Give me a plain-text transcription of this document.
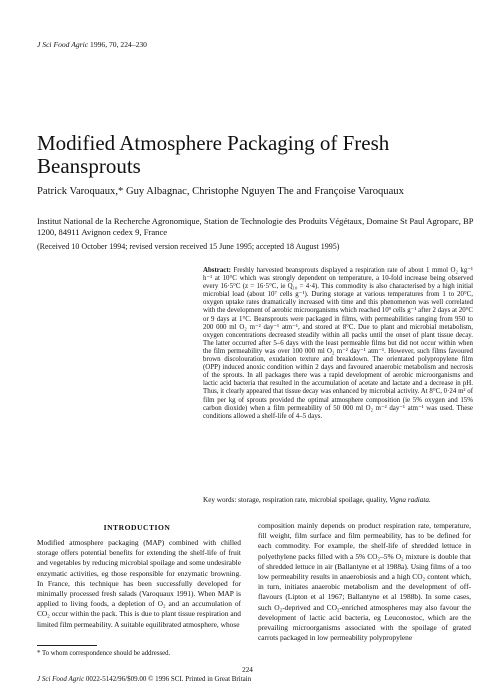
J Sci Food Agric 1996, 70, 224–230
Modified Atmosphere Packaging of Fresh Beansprouts
Patrick Varoquaux,* Guy Albagnac, Christophe Nguyen The and Françoise Varoquaux
Institut National de la Recherche Agronomique, Station de Technologie des Produits Végétaux, Domaine St Paul Agroparc, BP 1200, 84911 Avignon cedex 9, France
(Received 10 October 1994; revised version received 15 June 1995; accepted 18 August 1995)
Abstract: Freshly harvested beansprouts displayed a respiration rate of about 1 mmol O₂ kg⁻¹ h⁻¹ at 10°C which was strongly dependent on temperature, a 10-fold increase being observed every 16·5°C (z = 16·5°C, ie Q₁₀ = 4·4). This commodity is also characterised by a high initial microbial load (about 10⁷ cells g⁻¹). During storage at various temperatures from 1 to 20°C, oxygen uptake rates dramatically increased with time and this phenomenon was well correlated with the development of aerobic microorganisms which reached 10⁹ cells g⁻¹ after 2 days at 20°C or 9 days at 1°C. Beansprouts were packaged in films, with permeabilities ranging from 950 to 200 000 ml O₂ m⁻² day⁻¹ atm⁻¹, and stored at 8°C. Due to plant and microbial metabolism, oxygen concentrations decreased steadily within all packs until the onset of plant tissue decay. The latter occurred after 5–6 days with the least permeable films but did not occur within when the film permeability was over 100 000 ml O₂ m⁻² day⁻¹ atm⁻¹. However, such films favoured brown discolouration, exudation texture and breakdown. The orientated polypropylene film (OPP) induced anoxic condition within 2 days and favoured anaerobic metabolism and necrosis of the sprouts. In all packages there was a rapid development of aerobic microorganisms and lactic acid bacteria that resulted in the accumulation of acetate and lactate and a decrease in pH. Thus, it clearly appeared that tissue decay was enhanced by microbial activity. At 8°C, 0·24 m² of film per kg of sprouts provided the optimal atmosphere composition (ie 5% oxygen and 15% carbon dioxide) when a film permeability of 50 000 ml O₂ m⁻² day⁻¹ atm⁻¹ was used. These conditions allowed a shelf-life of 4–5 days.
Key words: storage, respiration rate, microbial spoilage, quality, Vigna radiata.
INTRODUCTION
Modified atmosphere packaging (MAP) combined with chilled storage offers potential benefits for extending the shelf-life of fruit and vegetables by reducing microbial spoilage and some undesirable enzymatic activities, eg those responsible for enzymatic browning. In France, this technique has been successfully developed for minimally processed fresh salads (Varoquaux 1991). When MAP is applied to living foods, a depletion of O₂ and an accumulation of CO₂ occur within the pack. This is due to plant tissue respiration and limited film permeability. A suitable equilibrated atmosphere, whose
composition mainly depends on product respiration rate, temperature, fill weight, film surface and film permeability, has to be defined for each commodity. For example, the shelf-life of shredded lettuce in polyethylene packs filled with a 5% CO₂–5% O₂ mixture is double that of shredded lettuce in air (Ballantyne et al 1988a). Using films of a too low permeability results in anaerobiosis and a high CO₂ content which, in turn, initiates anaerobic metabolism and the development of off-flavours (Lipton et al 1967; Ballantyne et al 1988b). In some cases, such O₂-deprived and CO₂-enriched atmospheres may also favour the development of lactic acid bacteria, eg Leuconostoc, which are the prevailing microorganisms associated with the spoilage of grated carrots packaged in low permeability polypropylene
* To whom correspondence should be addressed.
224
J Sci Food Agric 0022-5142/96/$09.00 © 1996 SCI. Printed in Great Britain
